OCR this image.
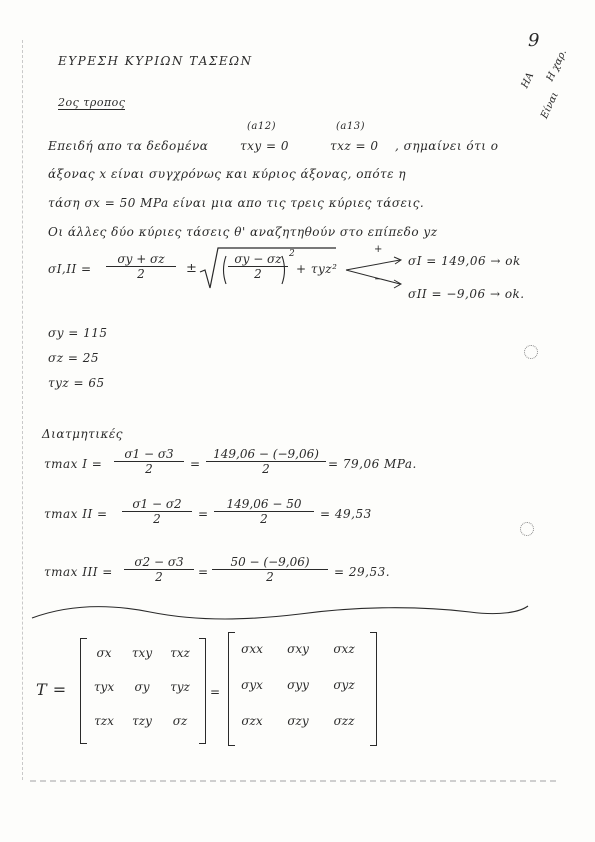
9
ΗΑ Η χαρ.
Είναι
ΕΥΡΕΣΗ ΚΥΡΙΩΝ ΤΑΣΕΩΝ
2ος τροπος
(a12)	(a13)
Επειδή απο τα δεδομένα	τxy = 0	τxz = 0 , σημαίνει ότι ο
άξονας x είναι συγχρόνως και κύριος άξονας, οπότε η
τάση σx = 50 MPa είναι μια απο τις τρεις κύριες τάσεις.
Οι άλλες δύο κύριες τάσεις θ' αναζητηθούν στο επίπεδο yz
$\sigma I,II = \frac{\sigma y + \sigma z}{2}$ ±	$\frac{\sigma y - \sigma z}{2} 2$
+ τyz²
+
−
σI = 149,06 → ok
σII = −9,06 → ok.
σy = 115
σz = 25
τyz = 65
Διατμητικές
τmax $I = \frac{\sigma 1 - \sigma 3}{2} = \frac{149,06 - (-9,06)}{2} = 79,06$ MPa.
τmax II = $\frac{\sigma 1 - \sigma 2}{2} = \frac{149,06 - 50}{2} = 49,53$
τmax III = $\frac{\sigma 2 - \sigma 3}{2} = \frac{50 - (-9,06)}{2} = 29,53$.
T =
σx	τxy	τxz
τyx	σy	τyz
τzx	τzy	σz
=
σxx	σxy	σxz
σyx	σyy	σyz
σzx	σzy	σzz
